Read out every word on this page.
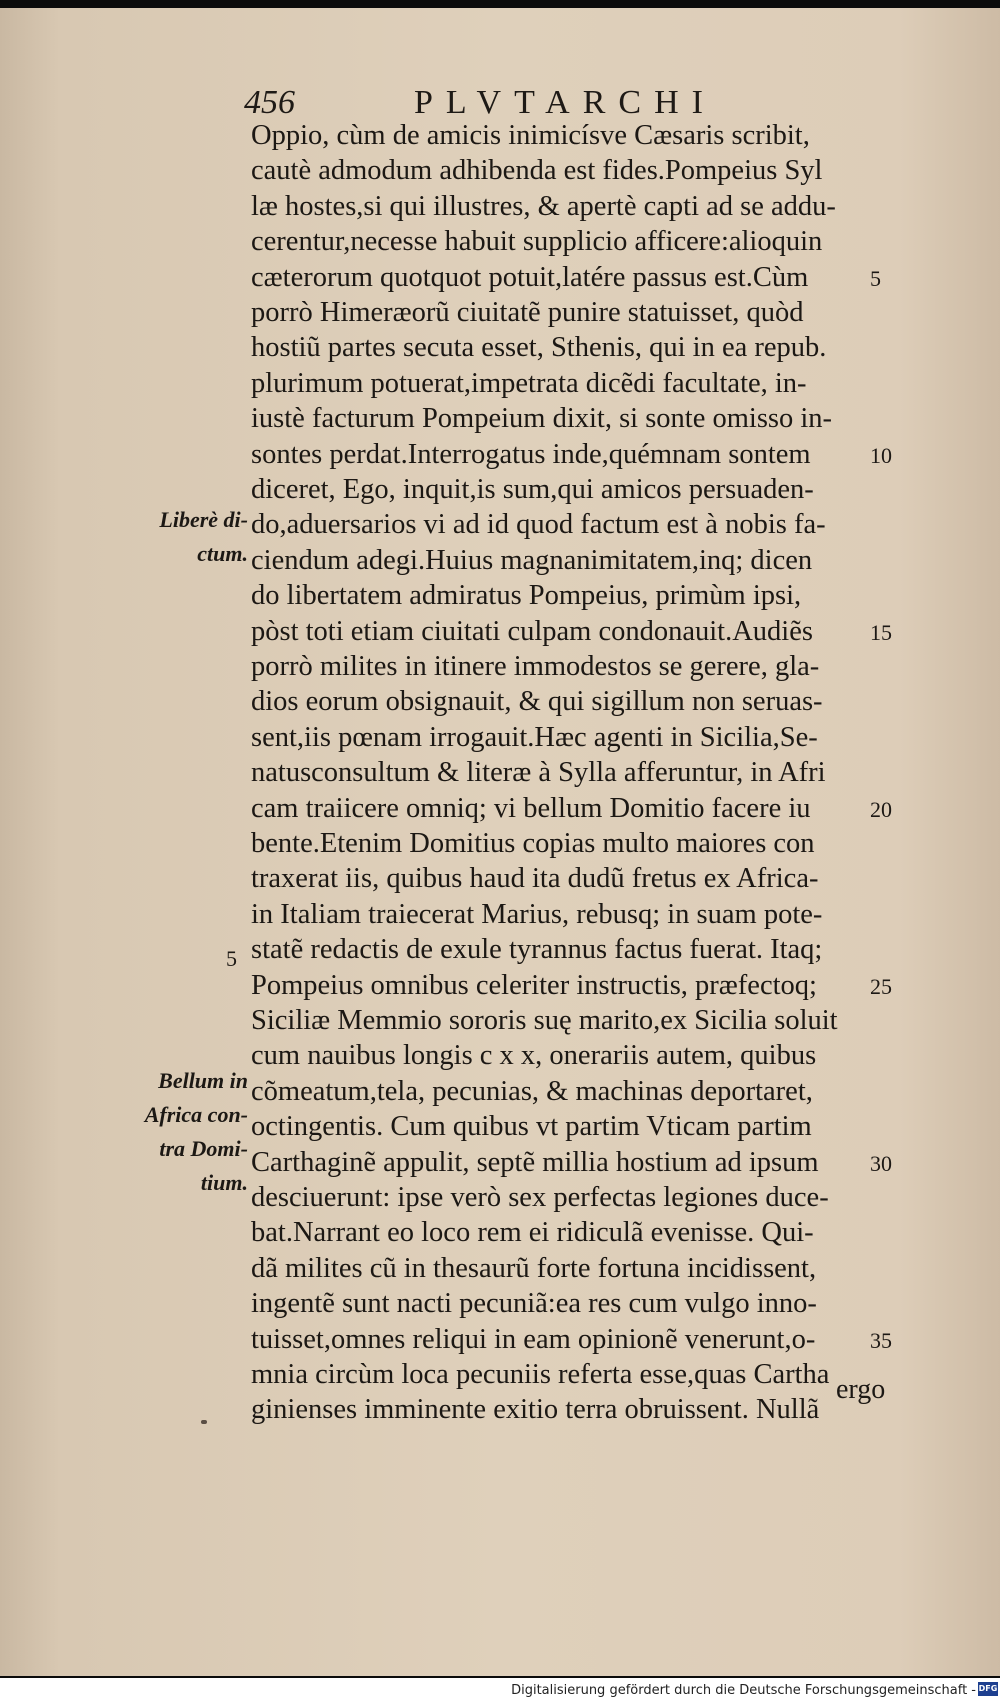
456	PLVTARCHI
Oppio, cùm de amicis inimicísve Cæsaris scribit,
cautè admodum adhibenda est fides.Pompeius Syl
læ hostes,si qui illustres, & apertè capti ad se addu-
cerentur,necesse habuit supplicio afficere:alioquin
cæterorum quotquot potuit,latére passus est.Cùm
porrò Himeræorũ ciuitatẽ punire statuisset, quòd
hostiũ partes secuta esset, Sthenis, qui in ea repub.
plurimum potuerat,impetrata dicẽdi facultate, in-
iustè facturum Pompeium dixit, si sonte omisso in-
sontes perdat.Interrogatus inde,quémnam sontem
diceret, Ego, inquit,is sum,qui amicos persuaden-
do,aduersarios vi ad id quod factum est à nobis fa-
ciendum adegi.Huius magnanimitatem,inq; dicen
do libertatem admiratus Pompeius, primùm ipsi,
pòst toti etiam ciuitati culpam condonauit.Audiẽs
porrò milites in itinere immodestos se gerere, gla-
dios eorum obsignauit, & qui sigillum non seruas-
sent,iis pœnam irrogauit.Hæc agenti in Sicilia,Se-
natusconsultum & literæ à Sylla afferuntur, in Afri
cam traiicere omniq; vi bellum Domitio facere iu
bente.Etenim Domitius copias multo maiores con
traxerat iis, quibus haud ita dudũ fretus ex Africa-
in Italiam traiecerat Marius, rebusq; in suam pote-
statẽ redactis de exule tyrannus factus fuerat. Itaq;
Pompeius omnibus celeriter instructis, præfectoq;
Siciliæ Memmio sororis suę marito,ex Sicilia soluit
cum nauibus longis c x x, onerariis autem, quibus
cõmeatum,tela, pecunias, & machinas deportaret,
octingentis. Cum quibus vt partim Vticam partim
Carthaginẽ appulit, septẽ millia hostium ad ipsum
desciuerunt: ipse verò sex perfectas legiones duce-
bat.Narrant eo loco rem ei ridiculã evenisse. Qui-
dã milites cũ in thesaurũ forte fortuna incidissent,
ingentẽ sunt nacti pecuniã:ea res cum vulgo inno-
tuisset,omnes reliqui in eam opinionẽ venerunt,o-
mnia circùm loca pecuniis referta esse,quas Cartha
ginienses imminente exitio terra obruissent. Nullã
5
10
15
20
25
30
35
Liberè di-
ctum.
5
Bellum in
Africa con-
tra Domi-
tium.
ergo
Digitalisierung gefördert durch die Deutsche Forschungsgemeinschaft - DFG
